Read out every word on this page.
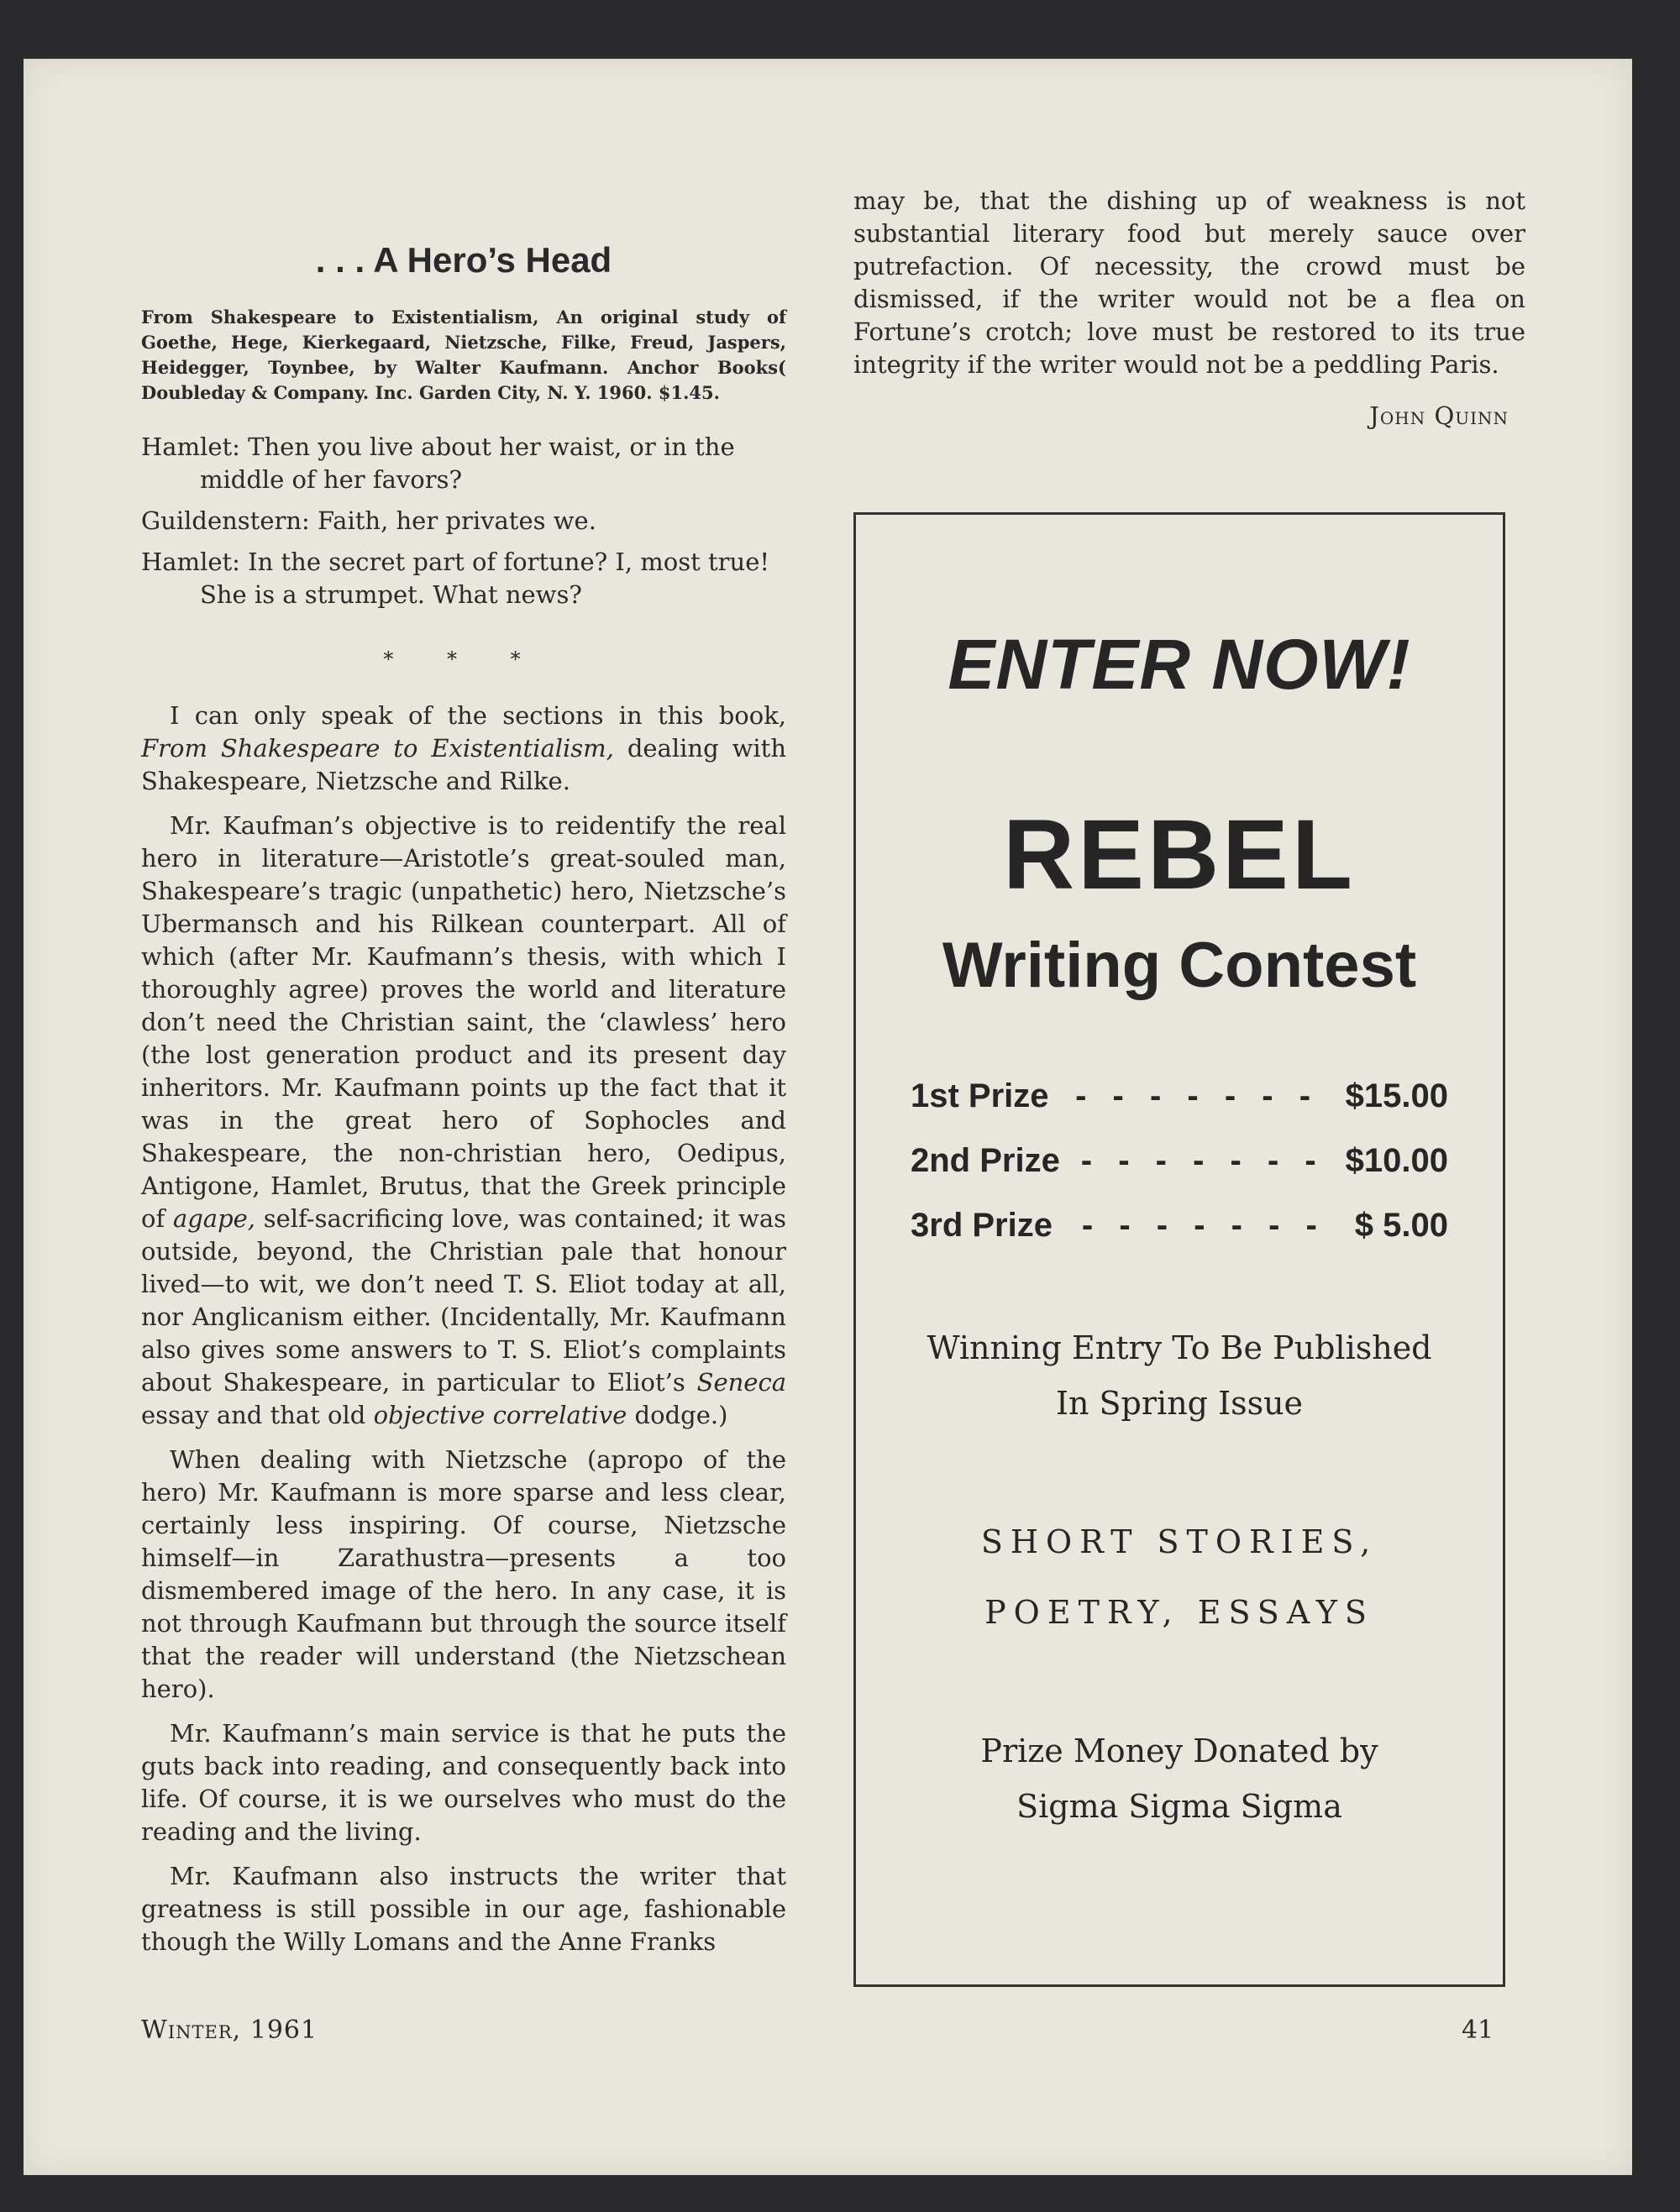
. . . A Hero’s Head
From Shakespeare to Existentialism, An original study of Goethe, Hege, Kierkegaard, Nietzsche, Filke, Freud, Jaspers, Heidegger, Toynbee, by Walter Kaufmann. Anchor Books( Doubleday & Company. Inc. Garden City, N. Y. 1960. $1.45.

Hamlet: Then you live about her waist, or in the middle of her favors?

Guildenstern: Faith, her privates we.

Hamlet: In the secret part of fortune? I, most true! She is a strumpet. What news?

* * *

I can only speak of the sections in this book, From Shakespeare to Existentialism, dealing with Shakespeare, Nietzsche and Rilke.

Mr. Kaufman’s objective is to reidentify the real hero in literature—Aristotle’s great-souled man, Shakespeare’s tragic (unpathetic) hero, Nietzsche’s Ubermansch and his Rilkean counterpart. All of which (after Mr. Kaufmann’s thesis, with which I thoroughly agree) proves the world and literature don’t need the Christian saint, the ‘clawless’ hero (the lost generation product and its present day inheritors. Mr. Kaufmann points up the fact that it was in the great hero of Sophocles and Shakespeare, the non-christian hero, Oedipus, Antigone, Hamlet, Brutus, that the Greek principle of agape, self-sacrificing love, was contained; it was outside, beyond, the Christian pale that honour lived—to wit, we don’t need T. S. Eliot today at all, nor Anglicanism either. (Incidentally, Mr. Kaufmann also gives some answers to T. S. Eliot’s complaints about Shakespeare, in particular to Eliot’s Seneca essay and that old objective correlative dodge.)

When dealing with Nietzsche (apropo of the hero) Mr. Kaufmann is more sparse and less clear, certainly less inspiring. Of course, Nietzsche himself—in Zarathustra—presents a too dismembered image of the hero. In any case, it is not through Kaufmann but through the source itself that the reader will understand (the Nietzschean hero).

Mr. Kaufmann’s main service is that he puts the guts back into reading, and consequently back into life. Of course, it is we ourselves who must do the reading and the living.

Mr. Kaufmann also instructs the writer that greatness is still possible in our age, fashionable though the Willy Lomans and the Anne Franks

may be, that the dishing up of weakness is not substantial literary food but merely sauce over putrefaction. Of necessity, the crowd must be dismissed, if the writer would not be a flea on Fortune’s crotch; love must be restored to its true integrity if the writer would not be a peddling Paris.

John Quinn
ENTER NOW!
REBEL
Writing Contest
1st Prize - - - - - - - $15.00
2nd Prize - - - - - - - $10.00
3rd Prize - - - - - - - $ 5.00
Winning Entry To Be Published
In Spring Issue
SHORT STORIES,
POETRY, ESSAYS
Prize Money Donated by
Sigma Sigma Sigma
Winter, 1961	41
